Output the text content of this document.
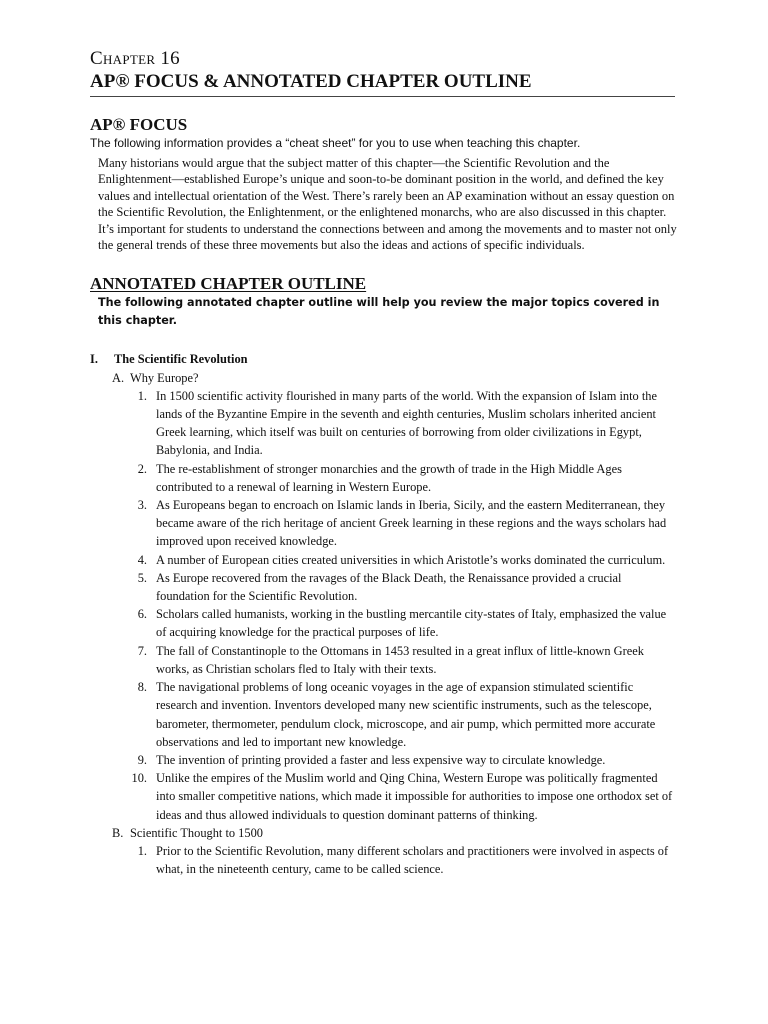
Chapter 16

AP® FOCUS & ANNOTATED CHAPTER OUTLINE
AP® FOCUS

The following information provides a “cheat sheet” for you to use when teaching this chapter.

Many historians would argue that the subject matter of this chapter—the Scientific Revolution and the Enlightenment—established Europe’s unique and soon-to-be dominant position in the world, and defined the key values and intellectual orientation of the West. There’s rarely been an AP examination without an essay question on the Scientific Revolution, the Enlightenment, or the enlightened monarchs, who are also discussed in this chapter. It’s important for students to understand the connections between and among the movements and to master not only the general trends of these three movements but also the ideas and actions of specific individuals.

ANNOTATED CHAPTER OUTLINE

The following annotated chapter outline will help you review the major topics covered in this chapter.

I.	The Scientific Revolution
A. Why Europe?
1. In 1500 scientific activity flourished in many parts of the world. With the expansion of Islam into the lands of the Byzantine Empire in the seventh and eighth centuries, Muslim scholars inherited ancient Greek learning, which itself was built on centuries of borrowing from older civilizations in Egypt, Babylonia, and India.
2. The re-establishment of stronger monarchies and the growth of trade in the High Middle Ages contributed to a renewal of learning in Western Europe.
3. As Europeans began to encroach on Islamic lands in Iberia, Sicily, and the eastern Mediterranean, they became aware of the rich heritage of ancient Greek learning in these regions and the ways scholars had improved upon received knowledge.
4. A number of European cities created universities in which Aristotle’s works dominated the curriculum.
5. As Europe recovered from the ravages of the Black Death, the Renaissance provided a crucial foundation for the Scientific Revolution.
6. Scholars called humanists, working in the bustling mercantile city-states of Italy, emphasized the value of acquiring knowledge for the practical purposes of life.
7. The fall of Constantinople to the Ottomans in 1453 resulted in a great influx of little-known Greek works, as Christian scholars fled to Italy with their texts.
8. The navigational problems of long oceanic voyages in the age of expansion stimulated scientific research and invention. Inventors developed many new scientific instruments, such as the telescope, barometer, thermometer, pendulum clock, microscope, and air pump, which permitted more accurate observations and led to important new knowledge.
9. The invention of printing provided a faster and less expensive way to circulate knowledge.
10. Unlike the empires of the Muslim world and Qing China, Western Europe was politically fragmented into smaller competitive nations, which made it impossible for authorities to impose one orthodox set of ideas and thus allowed individuals to question dominant patterns of thinking.
B. Scientific Thought to 1500
1. Prior to the Scientific Revolution, many different scholars and practitioners were involved in aspects of what, in the nineteenth century, came to be called science.
